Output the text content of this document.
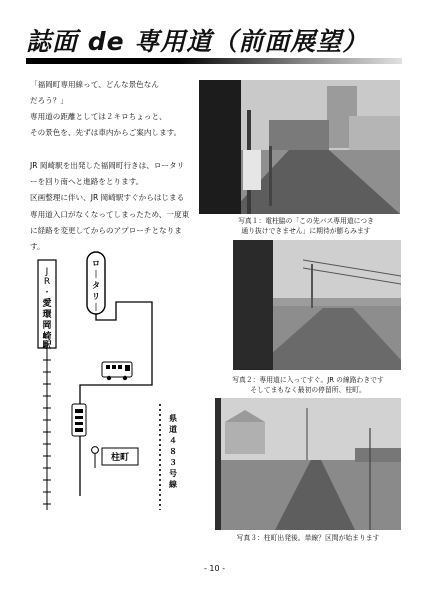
誌面 de 専用道（前面展望）

「福岡町専用線って、どんな景色なん

だろう？」

専用道の距離としては２キロちょっと、

その景色を、先ずは車内からご案内します。

JR 岡崎駅を出発した福岡町行きは、ロータリ
ーを回り南へと進路をとります。
区画整理に伴い、JR 岡崎駅すぐからはじまる
専用道入口がなくなってしまったため、一度東
に経路を変更してからのアプローチとなりま
す。
写真１：電柱脇の「この先バス専用道につき
通り抜けできません」に期待が膨らみます
写真２：専用道に入ってすぐ。JR の線路わきです
そしてまもなく最初の停留所、柱町。
写真３：柱町出発後。単線？区間が始まります
J
R
・
愛
環
岡
崎
駅
ロ
｜
タ
リ
｜
県
道
４
８
３
号
線
柱町
- 10 -
